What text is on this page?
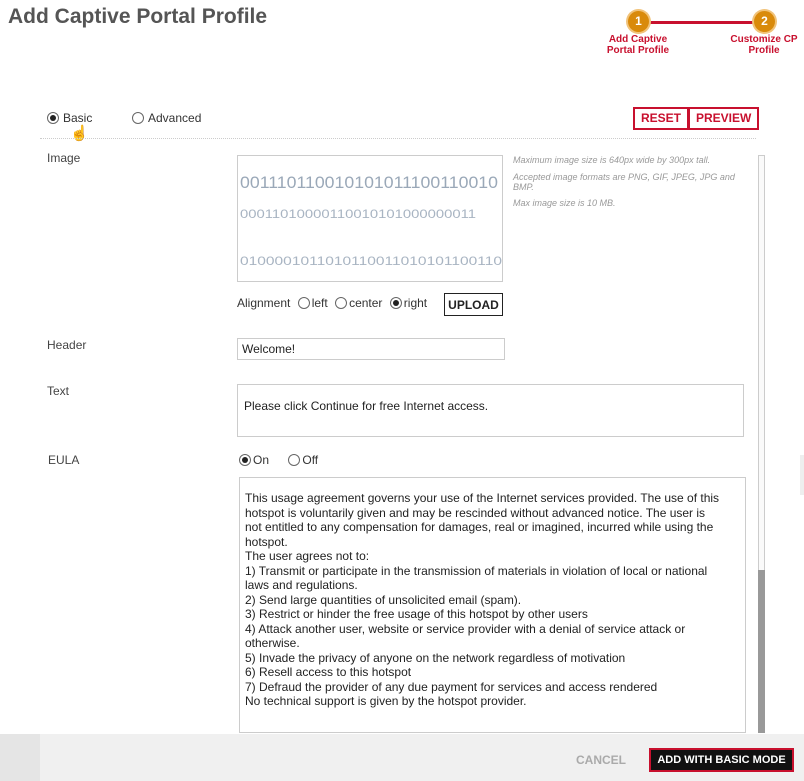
Add Captive Portal Profile	1
Add Captive
Portal Profile
2
Customize CP
Profile
Basic	Advanced
☝
RESET	PREVIEW
Image
001110110010101011100110010
00011010000110010101000000011
0100001011010110011010101100110
Maximum image size is 640px wide by 300px tall.
Accepted image formats are PNG, GIF, JPEG, JPG and BMP.
Max image size is 10 MB.
Alignment left center right	UPLOAD
Header
Welcome!
Text
Please click Continue for free Internet access.
EULA	On	Off
This usage agreement governs your use of the Internet services provided. The use of this
hotspot is voluntarily given and may be rescinded without advanced notice. The user is
not entitled to any compensation for damages, real or imagined, incurred while using the
hotspot.
The user agrees not to:
1) Transmit or participate in the transmission of materials in violation of local or national
laws and regulations.
2) Send large quantities of unsolicited email (spam).
3) Restrict or hinder the free usage of this hotspot by other users
4) Attack another user, website or service provider with a denial of service attack or
otherwise.
5) Invade the privacy of anyone on the network regardless of motivation
6) Resell access to this hotspot
7) Defraud the provider of any due payment for services and access rendered
No technical support is given by the hotspot provider.
CANCEL	ADD WITH BASIC MODE
